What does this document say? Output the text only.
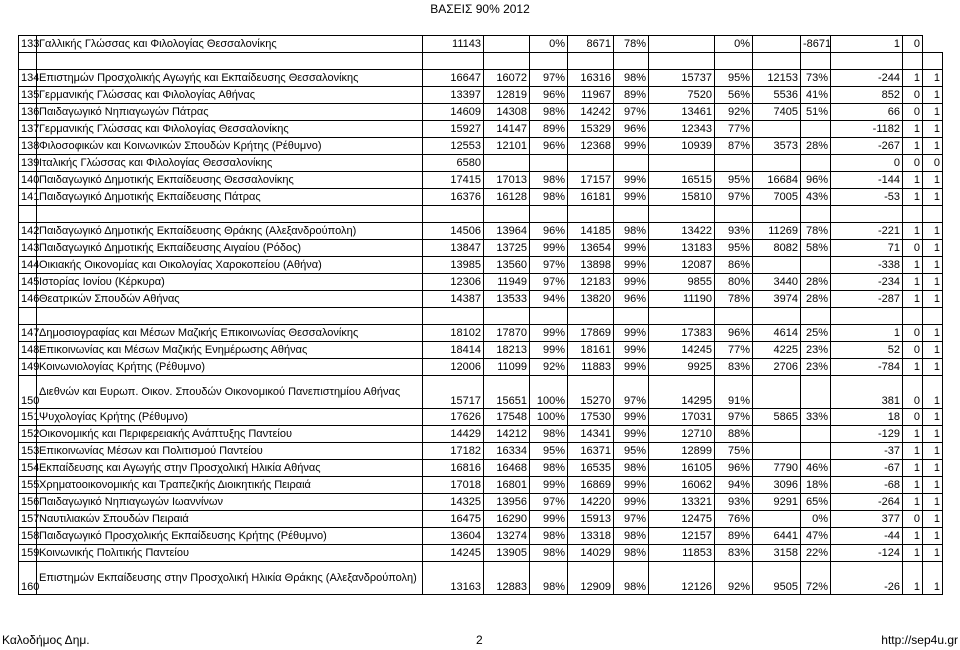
ΒΑΣΕΙΣ 90% 2012
133	Γαλλικής Γλώσσας και Φιλολογίας Θεσσαλονίκης	11143		0%	8671	78%		0%		-8671	1	0	

134	Επιστημών Προσχολικής Αγωγής και Εκπαίδευσης Θεσσαλονίκης	16647	16072	97%	16316	98%	15737	95%	12153	73%	-244	1	1
135	Γερμανικής Γλώσσας και Φιλολογίας Αθήνας	13397	12819	96%	11967	89%	7520	56%	5536	41%	852	0	1
136	Παιδαγωγικό Νηπιαγωγών Πάτρας	14609	14308	98%	14242	97%	13461	92%	7405	51%	66	0	1
137	Γερμανικής Γλώσσας και Φιλολογίας Θεσσαλονίκης	15927	14147	89%	15329	96%	12343	77%			-1182	1	1
138	Φιλοσοφικών και Κοινωνικών Σπουδών Κρήτης (Ρέθυμνο)	12553	12101	96%	12368	99%	10939	87%	3573	28%	-267	1	1
139	Ιταλικής Γλώσσας και Φιλολογίας Θεσσαλονίκης	6580									0	0	0
140	Παιδαγωγικό Δημοτικής Εκπαίδευσης Θεσσαλονίκης	17415	17013	98%	17157	99%	16515	95%	16684	96%	-144	1	1
141	Παιδαγωγικό Δημοτικής Εκπαίδευσης Πάτρας	16376	16128	98%	16181	99%	15810	97%	7005	43%	-53	1	1

142	Παιδαγωγικό Δημοτικής Εκπαίδευσης Θράκης (Αλεξανδρούπολη)	14506	13964	96%	14185	98%	13422	93%	11269	78%	-221	1	1
143	Παιδαγωγικό Δημοτικής Εκπαίδευσης Αιγαίου (Ρόδος)	13847	13725	99%	13654	99%	13183	95%	8082	58%	71	0	1
144	Οικιακής Οικονομίας και Οικολογίας Χαροκοπείου (Αθήνα)	13985	13560	97%	13898	99%	12087	86%			-338	1	1
145	Ιστορίας Ιονίου (Κέρκυρα)	12306	11949	97%	12183	99%	9855	80%	3440	28%	-234	1	1
146	Θεατρικών Σπουδών Αθήνας	14387	13533	94%	13820	96%	11190	78%	3974	28%	-287	1	1

147	Δημοσιογραφίας και Μέσων Μαζικής Επικοινωνίας Θεσσαλονίκης	18102	17870	99%	17869	99%	17383	96%	4614	25%	1	0	1
148	Επικοινωνίας και Μέσων Μαζικής Ενημέρωσης Αθήνας	18414	18213	99%	18161	99%	14245	77%	4225	23%	52	0	1
149	Κοινωνιολογίας Κρήτης (Ρέθυμνο)	12006	11099	92%	11883	99%	9925	83%	2706	23%	-784	1	1
150	Διεθνών και Ευρωπ. Οικον. Σπουδών Οικονομικού Πανεπιστημίου Αθήνας	15717	15651	100%	15270	97%	14295	91%			381	0	1
151	Ψυχολογίας Κρήτης (Ρέθυμνο)	17626	17548	100%	17530	99%	17031	97%	5865	33%	18	0	1
152	Οικονομικής και Περιφερειακής Ανάπτυξης Παντείου	14429	14212	98%	14341	99%	12710	88%			-129	1	1
153	Επικοινωνίας Μέσων και Πολιτισμού Παντείου	17182	16334	95%	16371	95%	12899	75%			-37	1	1
154	Εκπαίδευσης και Αγωγής στην Προσχολική Ηλικία Αθήνας	16816	16468	98%	16535	98%	16105	96%	7790	46%	-67	1	1
155	Χρηματοοικονομικής και Τραπεζικής Διοικητικής Πειραιά	17018	16801	99%	16869	99%	16062	94%	3096	18%	-68	1	1
156	Παιδαγωγικό Νηπιαγωγών Ιωαννίνων	14325	13956	97%	14220	99%	13321	93%	9291	65%	-264	1	1
157	Ναυτιλιακών Σπουδών Πειραιά	16475	16290	99%	15913	97%	12475	76%		0%	377	0	1
158	Παιδαγωγικό Προσχολικής Εκπαίδευσης Κρήτης (Ρέθυμνο)	13604	13274	98%	13318	98%	12157	89%	6441	47%	-44	1	1
159	Κοινωνικής Πολιτικής Παντείου	14245	13905	98%	14029	98%	11853	83%	3158	22%	-124	1	1
160	Επιστημών Εκπαίδευσης στην Προσχολική Ηλικία Θράκης (Αλεξανδρούπολη)	13163	12883	98%	12909	98%	12126	92%	9505	72%	-26	1	1
Καλοδήμος Δημ.	2	http://sep4u.gr
